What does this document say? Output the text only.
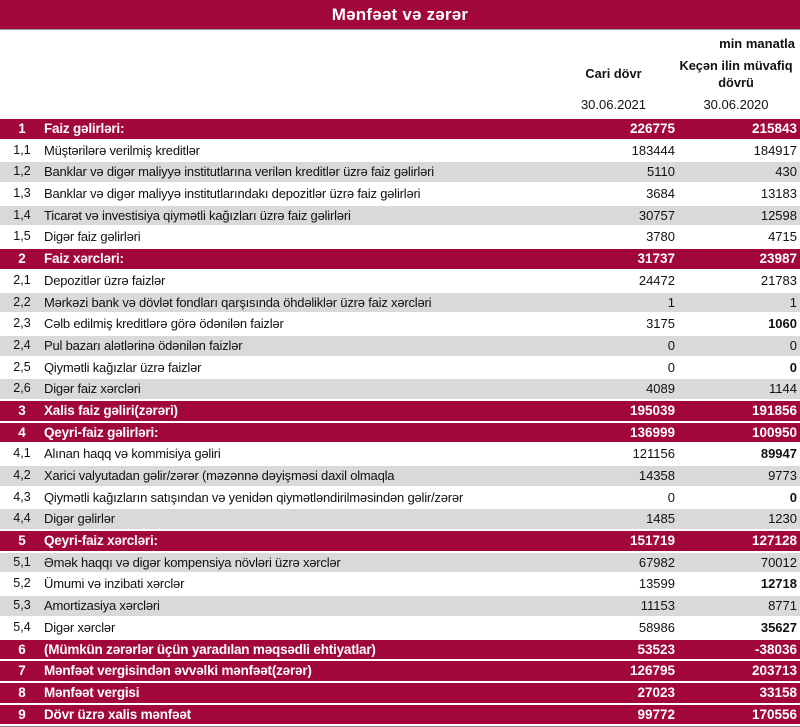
Mənfəət və zərər
min manatla
Cari dövr
Keçən ilin müvafiq dövrü
30.06.2021	30.06.2020
1	Faiz gəlirləri:	226775	215843
1,1	Müştərilərə verilmiş kreditlər	183444	184917
1,2	Banklar və digər maliyyə institutlarına verilən kreditlər üzrə faiz gəlirləri	5110	430
1,3	Banklar və digər maliyyə institutlarındakı depozitlər üzrə faiz gəlirləri	3684	13183
1,4	Ticarət və investisiya qiymətli kağızları üzrə faiz gəlirləri	30757	12598
1,5	Digər faiz gəlirləri	3780	4715
2	Faiz xərcləri:	31737	23987
2,1	Depozitlər üzrə faizlər	24472	21783
2,2	Mərkəzi bank və dövlət fondları qarşısında öhdəliklər üzrə faiz xərcləri	1	1
2,3	Cəlb edilmiş kreditlərə görə ödənilən faizlər	3175	1060
2,4	Pul bazarı alətlərinə ödənilən faizlər	0	0
2,5	Qiymətli kağızlar üzrə faizlər	0	0
2,6	Digər faiz xərcləri	4089	1144
3	Xalis faiz gəliri(zərəri)	195039	191856
4	Qeyri-faiz gəlirləri:	136999	100950
4,1	Alınan haqq və kommisiya gəliri	121156	89947
4,2	Xarici valyutadan gəlir/zərər (məzənnə dəyişməsi daxil olmaqla	14358	9773
4,3	Qiymətli kağızların satışından və yenidən qiymətləndirilməsindən gəlir/zərər	0	0
4,4	Digər gəlirlər	1485	1230
5	Qeyri-faiz xərcləri:	151719	127128
5,1	Əmək haqqı və digər kompensiya növləri üzrə xərclər	67982	70012
5,2	Ümumi və inzibati xərclər	13599	12718
5,3	Amortizasiya xərcləri	11153	8771
5,4	Digər xərclər	58986	35627
6	(Mümkün zərərlər üçün yaradılan məqsədli ehtiyatlar)	53523	-38036
7	Mənfəət vergisindən əvvəlki mənfəət(zərər)	126795	203713
8	Mənfəət vergisi	27023	33158
9	Dövr üzrə xalis mənfəət	99772	170556
